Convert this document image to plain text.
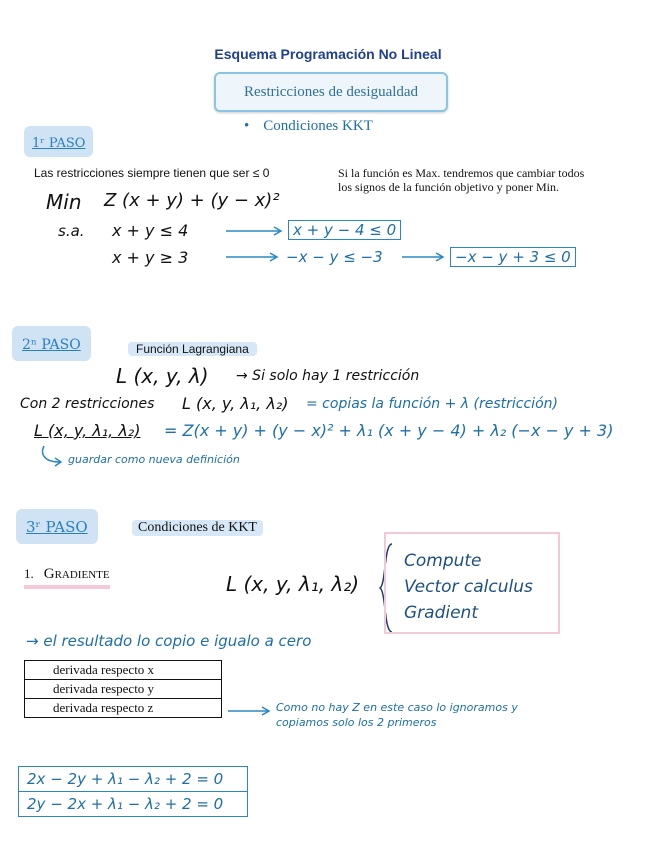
Esquema Programación No Lineal
Restricciones de desigualdad
• Condiciones KKT
1ʳ PASO
Las restricciones siempre tienen que ser ≤ 0	Si la función es Max. tendremos que cambiar todos
los signos de la función objetivo y poner Min.
Min Z (x + y) + (y − x)²
s.a. x + y ≤ 4	x + y − 4 ≤ 0
x + y ≥ 3	−x − y ≤ −3	−x − y + 3 ≤ 0
2ⁿ PASO	Función Lagrangiana
L (x, y, λ) → Si solo hay 1 restricción
Con 2 restricciones L (x, y, λ₁, λ₂) = copias la función + λ (restricción)
L (x, y, λ₁, λ₂) = Z(x + y) + (y − x)² + λ₁ (x + y − 4) + λ₂ (−x − y + 3)
guardar como nueva definición
3ʳ PASO	Condiciones de KKT
1. Gradiente	L (x, y, λ₁, λ₂)
Compute
Vector calculus
Gradient
→ el resultado lo copio e igualo a cero
derivada respecto x
derivada respecto y
derivada respecto z	Como no hay Z en este caso lo ignoramos y
copiamos solo los 2 primeros
2x − 2y + λ₁ − λ₂ + 2 = 0
2y − 2x + λ₁ − λ₂ + 2 = 0
